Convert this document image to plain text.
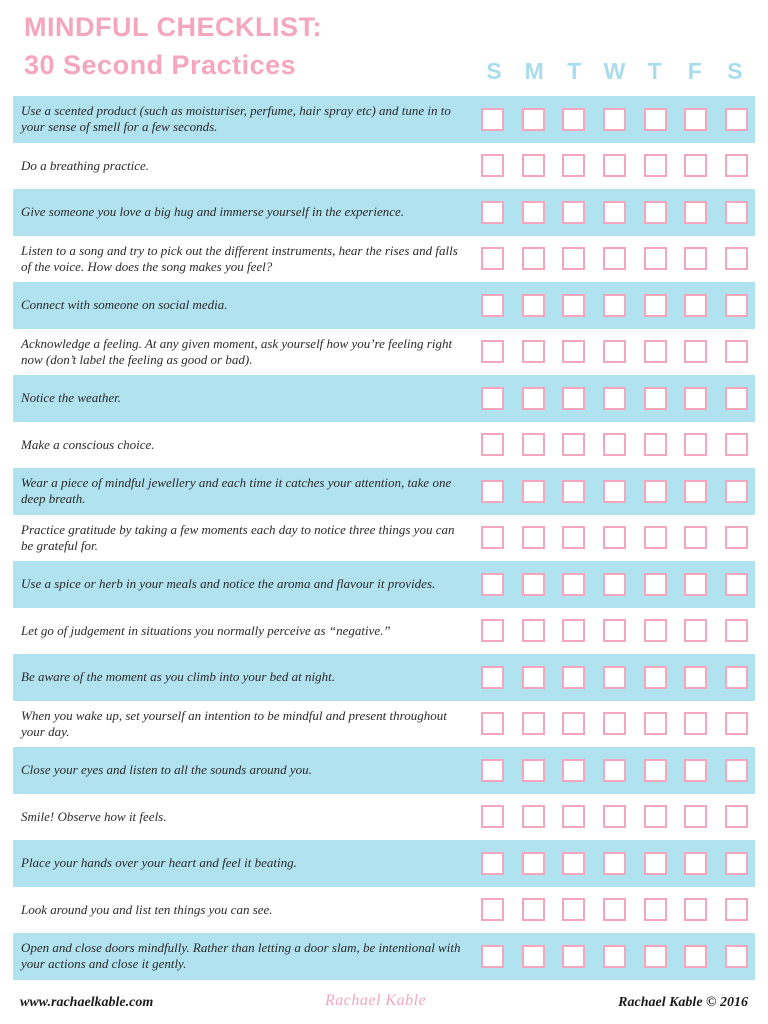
MINDFUL CHECKLIST:
30 Second Practices	S M T W T F S
Use a scented product (such as moisturiser, perfume, hair spray etc) and tune in to your sense of smell for a few seconds.
Do a breathing practice.
Give someone you love a big hug and immerse yourself in the experience.
Listen to a song and try to pick out the different instruments, hear the rises and falls of the voice. How does the song makes you feel?
Connect with someone on social media.
Acknowledge a feeling. At any given moment, ask yourself how you’re feeling right now (don’t label the feeling as good or bad).
Notice the weather.
Make a conscious choice.
Wear a piece of mindful jewellery and each time it catches your attention, take one deep breath.
Practice gratitude by taking a few moments each day to notice three things you can be grateful for.
Use a spice or herb in your meals and notice the aroma and flavour it provides.
Let go of judgement in situations you normally perceive as “negative.”
Be aware of the moment as you climb into your bed at night.
When you wake up, set yourself an intention to be mindful and present throughout your day.
Close your eyes and listen to all the sounds around you.
Smile! Observe how it feels.
Place your hands over your heart and feel it beating.
Look around you and list ten things you can see.
Open and close doors mindfully. Rather than letting a door slam, be intentional with your actions and close it gently.
www.rachaelkable.com	Rachael Kable	Rachael Kable © 2016
